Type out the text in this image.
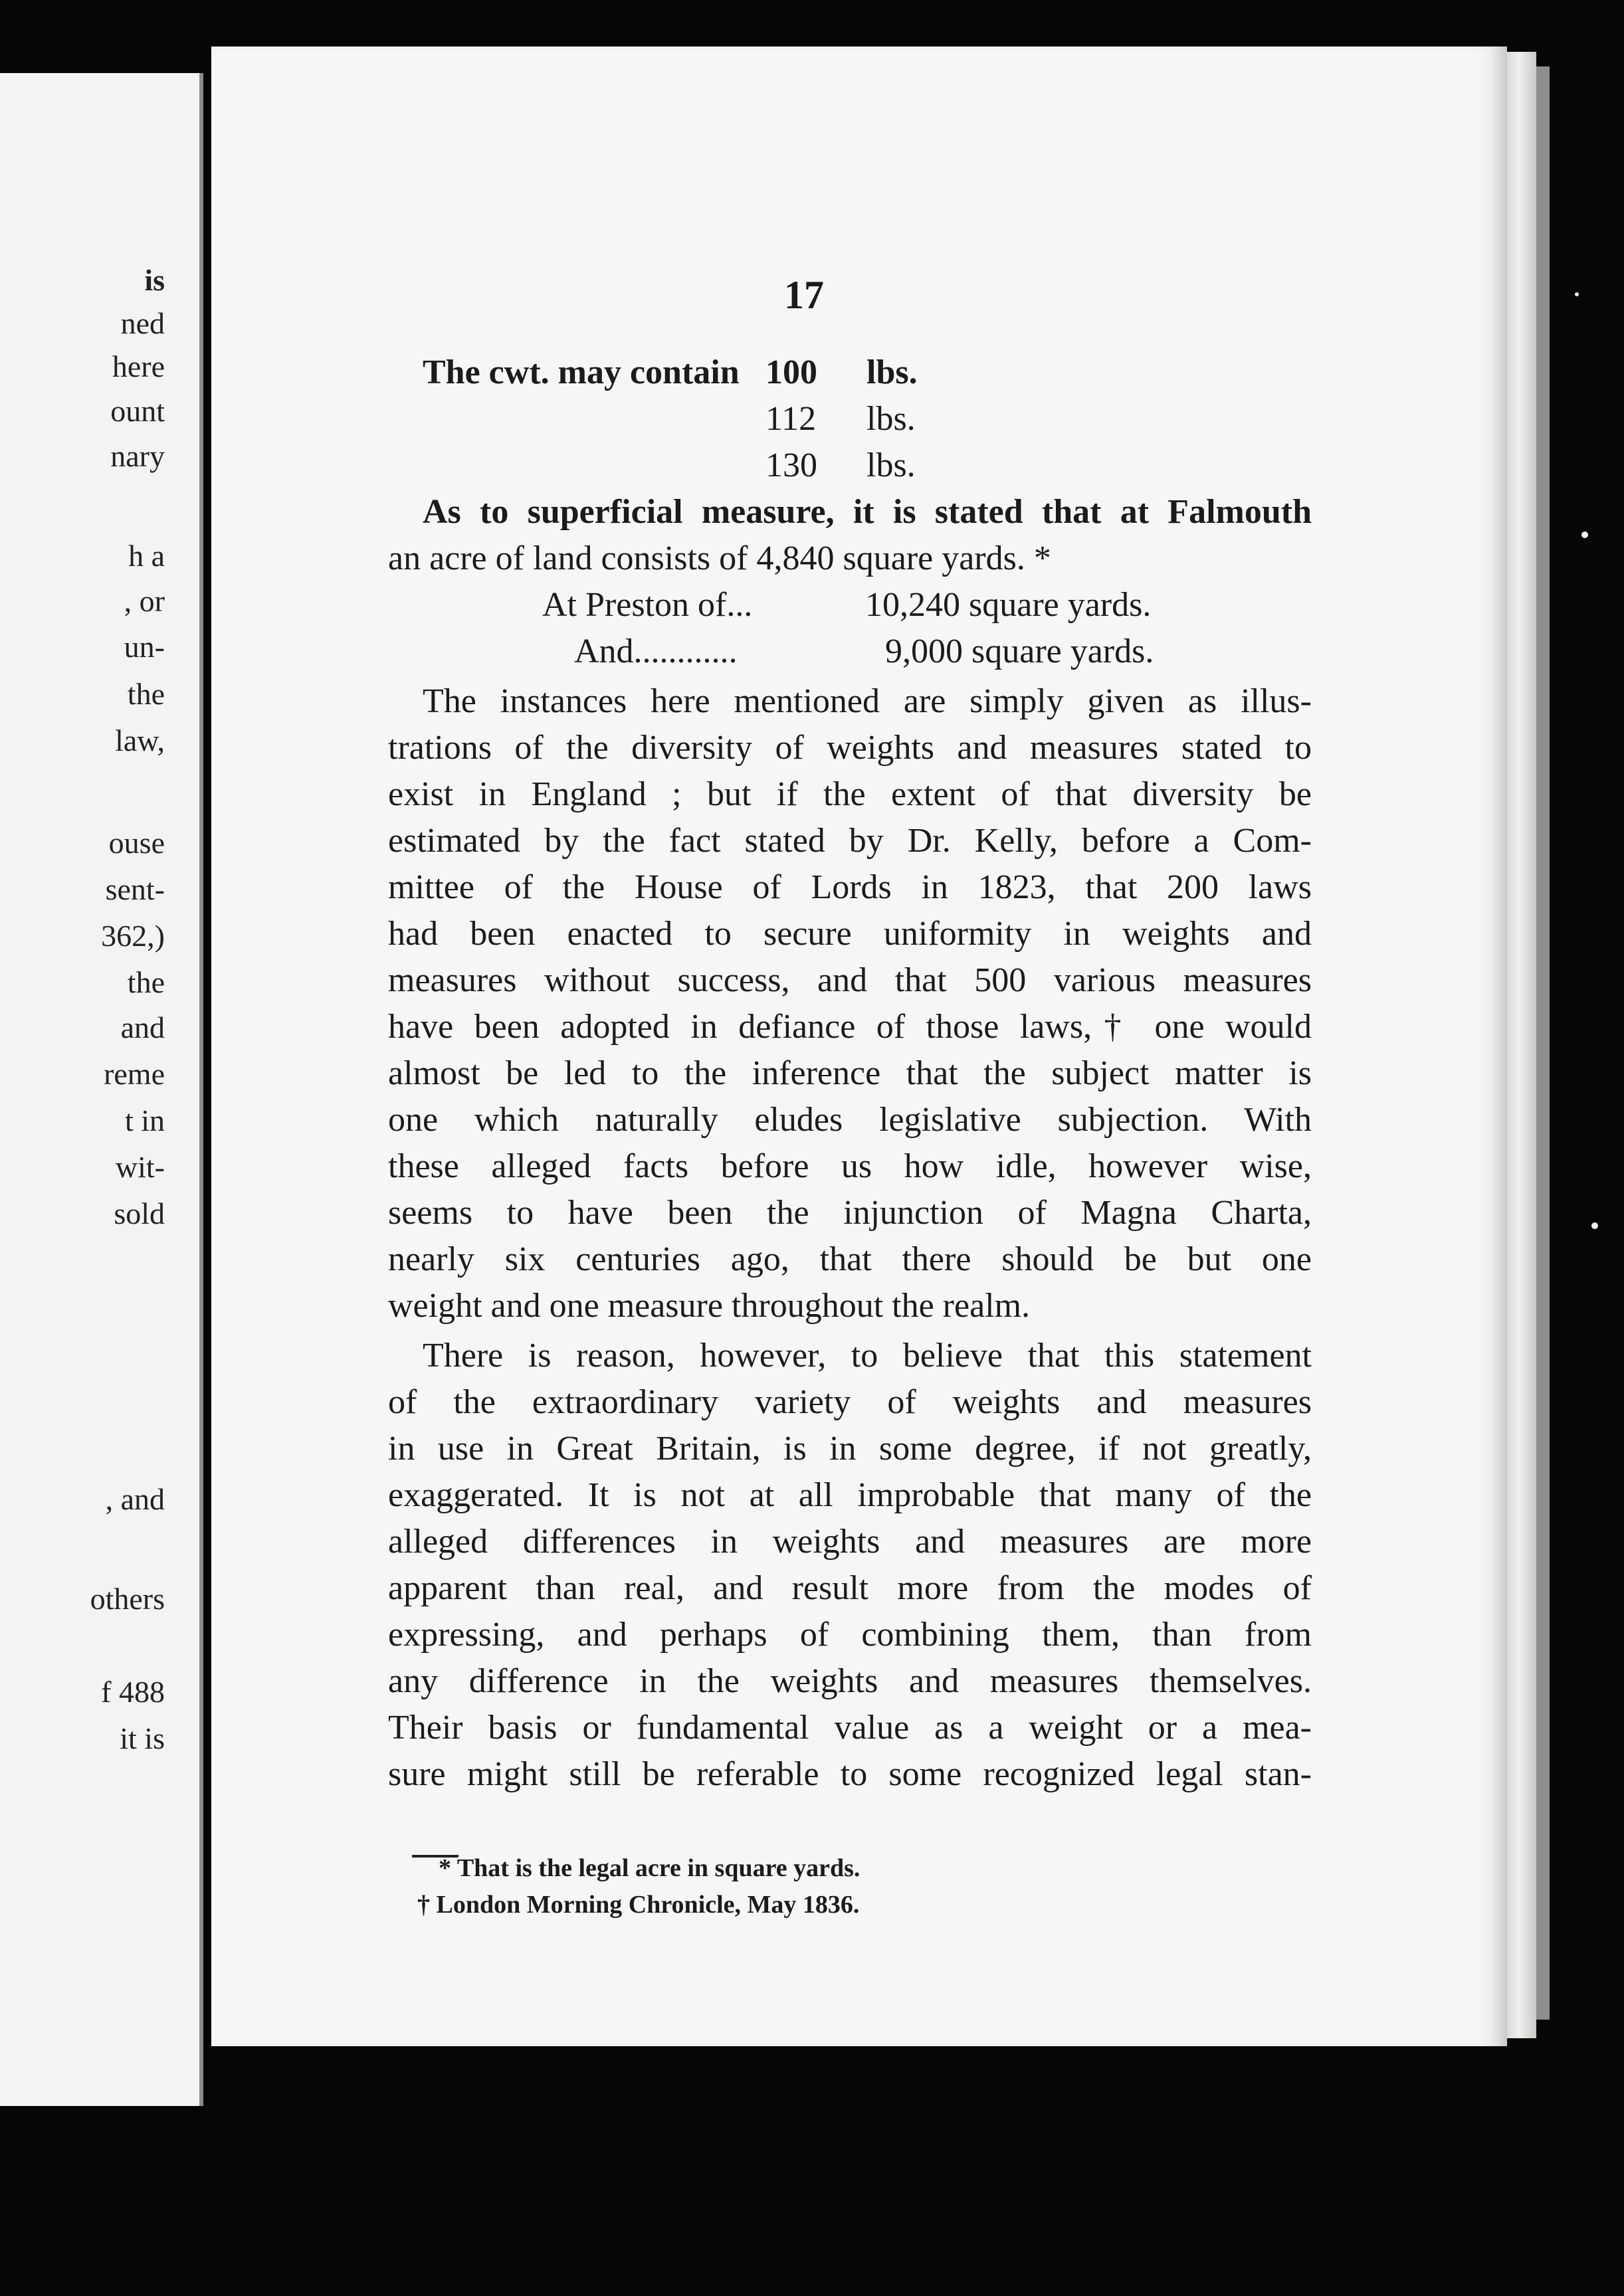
is
ned
here
ount
nary
h a
, or
un-
the
law,
ouse
sent-
362,)
the
and
reme
t in
wit-
sold
, and
others
f 488
it is
17
The cwt. may contain 100 lbs.
112 lbs.
130 lbs.
As to superficial measure, it is stated that at Falmouth
an acre of land consists of 4,840 square yards. *
At Preston of...	10,240 square yards.
And............	9,000 square yards.
The instances here mentioned are simply given as illus-
trations of the diversity of weights and measures stated to
exist in England ; but if the extent of that diversity be
estimated by the fact stated by Dr. Kelly, before a Com-
mittee of the House of Lords in 1823, that 200 laws
had been enacted to secure uniformity in weights and
measures without success, and that 500 various measures
have been adopted in defiance of those laws,† one would
almost be led to the inference that the subject matter is
one which naturally eludes legislative subjection. With
these alleged facts before us how idle, however wise,
seems to have been the injunction of Magna Charta,
nearly six centuries ago, that there should be but one
weight and one measure throughout the realm.
There is reason, however, to believe that this statement
of the extraordinary variety of weights and measures
in use in Great Britain, is in some degree, if not greatly,
exaggerated. It is not at all improbable that many of the
alleged differences in weights and measures are more
apparent than real, and result more from the modes of
expressing, and perhaps of combining them, than from
any difference in the weights and measures themselves.
Their basis or fundamental value as a weight or a mea-
sure might still be referable to some recognized legal stan-
* That is the legal acre in square yards.
† London Morning Chronicle, May 1836.
